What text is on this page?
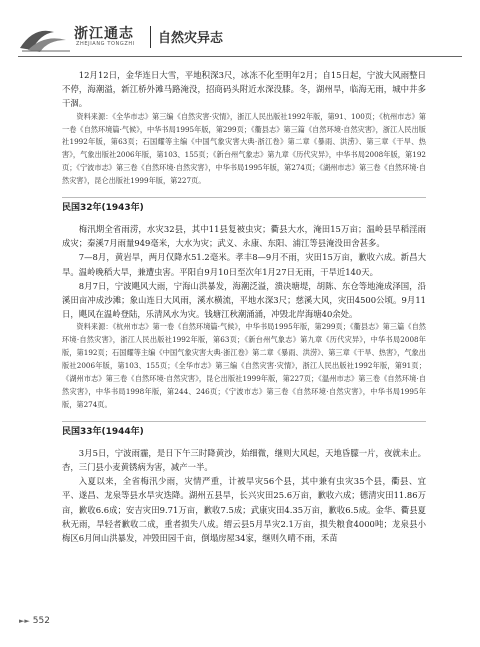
浙江通志
ZHEJIANG TONGZHI 自然灾异志

12月12日，金华连日大雪，平地积深3尺，冰冻不化至明年2月；自15日起，宁波大风雨整日不停，海潮溢，新江桥外滩马路淹没，招商码头附近水深没膝。冬，湖州旱，临海无雨，城中井多干涸。

资料来源：《全华市志》第三编《自然灾害·灾情》，浙江人民出版社1992年版，第91、100页；《杭州市志》第一卷《自然环境篇·气候》，中华书局1995年版，第299页；《衢县志》第三篇《自然环境·自然灾害》，浙江人民出版社1992年版，第63页；石国耀等主编《中国气象灾害大典·浙江卷》第二章《暴雨、洪涝》、第三章《干旱、热害》，气象出版社2006年版，第103、155页；《新台州气象志》第九章《历代灾异》，中华书局2008年版，第192页；《宁波市志》第三卷《自然环境·自然灾害》，中华书局1995年版，第274页；《湖州市志》第三卷《自然环境·自然灾害》，昆仑出版社1999年版，第227页。

民国32年(1943年)

梅汛期全省雨涝，水灾32县，其中11县复被虫灾；衢县大水，淹田15万亩；温岭县早稻淫雨成灾；秦溪7月雨量949毫米，大水为灾；武义、永康、东阳、浦江等县淹没田舍甚多。

7—8月，黄岩旱，两月仅降水51.2毫米。孝丰8—9月不雨，灾田15万亩，歉收六成。新昌大旱。温岭晚稻大旱，兼遭虫害。平阳自9月10日至次年1月27日无雨，干旱近140天。

8月7日，宁波飓风大雨，宁海山洪暴发，海潮泛溢，溃决塘堤，胡陈、东仓等地淹成泽国，沿溪田亩冲成沙滩；象山连日大风雨，溪水横流，平地水深3尺；慈溪大风，灾田4500公顷。9月11日，飓风在温岭登陆，乐清风水为灾。钱塘江秋潮涌涌，冲毁北岸海塘40余处。

资料来源：《杭州市志》第一卷《自然环境篇·气候》，中华书局1995年版，第299页；《衢县志》第三篇《自然环境·自然灾害》，浙江人民出版社1992年版，第63页；《新台州气象志》第九章《历代灾异》，中华书局2008年版，第192页；石国耀等主编《中国气象灾害大典·浙江卷》第二章《暴雨、洪涝》、第三章《干旱、热害》，气象出版社2006年版，第103、155页；《全华市志》第三编《自然灾害·灾情》，浙江人民出版社1992年版，第91页；《湖州市志》第三卷《自然环境·自然灾害》，昆仑出版社1999年版，第227页；《温州市志》第三卷《自然环境·自然灾害》，中华书局1998年版，第244、246页；《宁波市志》第三卷《自然环境·自然灾害》，中华书局1995年版，第274页。

民国33年(1944年)

3月5日，宁波雨霾，是日下午三时降黄沙，始细微，继则大风起，天地昏朦一片，夜就未止。杏，三门县小麦黄锈病为害，减产一半。

入夏以来，全省梅汛少雨，灾情严重，计被旱灾56个县，其中兼有虫灾35个县，衢县、宜平、遂昌、龙泉等县水旱灾迭降。湖州五县旱，长兴灾田25.6万亩，歉收六成；德清灾田11.86万亩，歉收6.6成；安吉灾田9.71万亩，歉收7.5成；武康灾田4.35万亩，歉收6.5成。金华、衢县夏秋无雨，旱轻者歉收二成，重者损失八成。缙云县5月旱灾2.1万亩，损失粮食4000吨；龙泉县小梅区6月间山洪暴发，冲毁田园千亩，倒塌房屋34家，继则久晴不雨，禾苗

►► 552
